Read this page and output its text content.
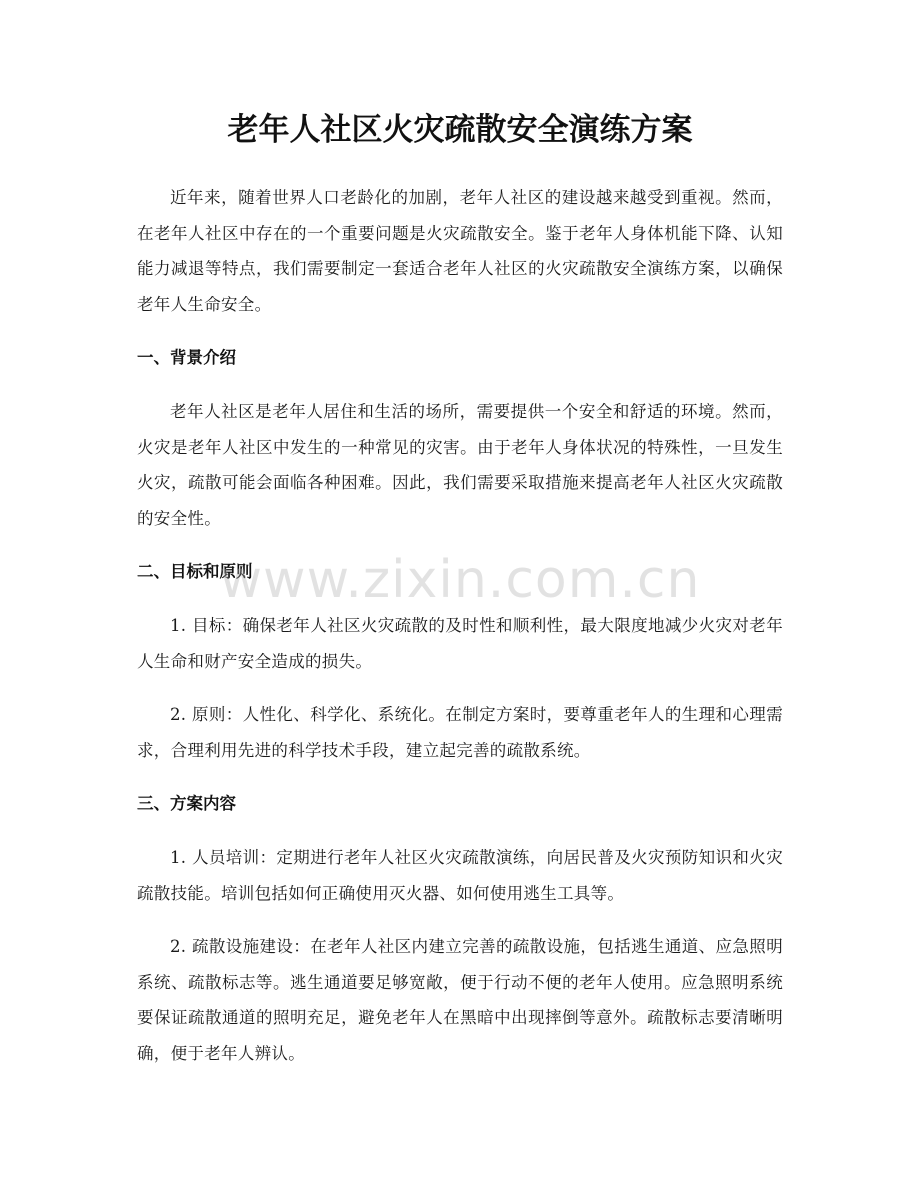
老年人社区火灾疏散安全演练方案

近年来，随着世界人口老龄化的加剧，老年人社区的建设越来越受到重视。然而，在老年人社区中存在的一个重要问题是火灾疏散安全。鉴于老年人身体机能下降、认知能力减退等特点，我们需要制定一套适合老年人社区的火灾疏散安全演练方案，以确保老年人生命安全。

一、背景介绍

老年人社区是老年人居住和生活的场所，需要提供一个安全和舒适的环境。然而，火灾是老年人社区中发生的一种常见的灾害。由于老年人身体状况的特殊性，一旦发生火灾，疏散可能会面临各种困难。因此，我们需要采取措施来提高老年人社区火灾疏散的安全性。

二、目标和原则

1. 目标：确保老年人社区火灾疏散的及时性和顺利性，最大限度地减少火灾对老年人生命和财产安全造成的损失。

2. 原则：人性化、科学化、系统化。在制定方案时，要尊重老年人的生理和心理需求，合理利用先进的科学技术手段，建立起完善的疏散系统。

三、方案内容

1. 人员培训：定期进行老年人社区火灾疏散演练，向居民普及火灾预防知识和火灾疏散技能。培训包括如何正确使用灭火器、如何使用逃生工具等。

2. 疏散设施建设：在老年人社区内建立完善的疏散设施，包括逃生通道、应急照明系统、疏散标志等。逃生通道要足够宽敞，便于行动不便的老年人使用。应急照明系统要保证疏散通道的照明充足，避免老年人在黑暗中出现摔倒等意外。疏散标志要清晰明确，便于老年人辨认。

www.zixin.com.cn
